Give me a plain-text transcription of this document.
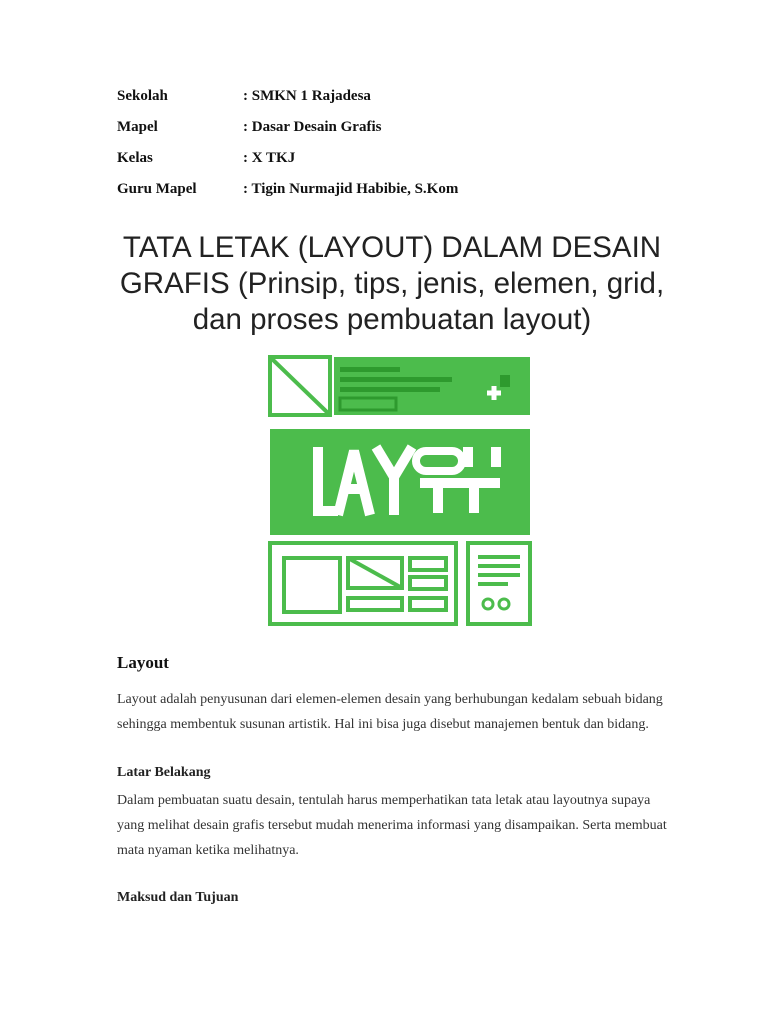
Sekolah	: SMKN 1 Rajadesa
Mapel	: Dasar Desain Grafis
Kelas	: X TKJ
Guru Mapel	: Tigin Nurmajid Habibie, S.Kom
TATA LETAK (LAYOUT) DALAM DESAIN
GRAFIS (Prinsip, tips, jenis, elemen, grid,
dan proses pembuatan layout)
Layout
Layout adalah penyusunan dari elemen-elemen desain yang berhubungan kedalam sebuah bidang
sehingga membentuk susunan artistik. Hal ini bisa juga disebut manajemen bentuk dan bidang.
Latar Belakang
Dalam pembuatan suatu desain, tentulah harus memperhatikan tata letak atau layoutnya supaya
yang melihat desain grafis tersebut mudah menerima informasi yang disampaikan. Serta membuat
mata nyaman ketika melihatnya.
Maksud dan Tujuan
